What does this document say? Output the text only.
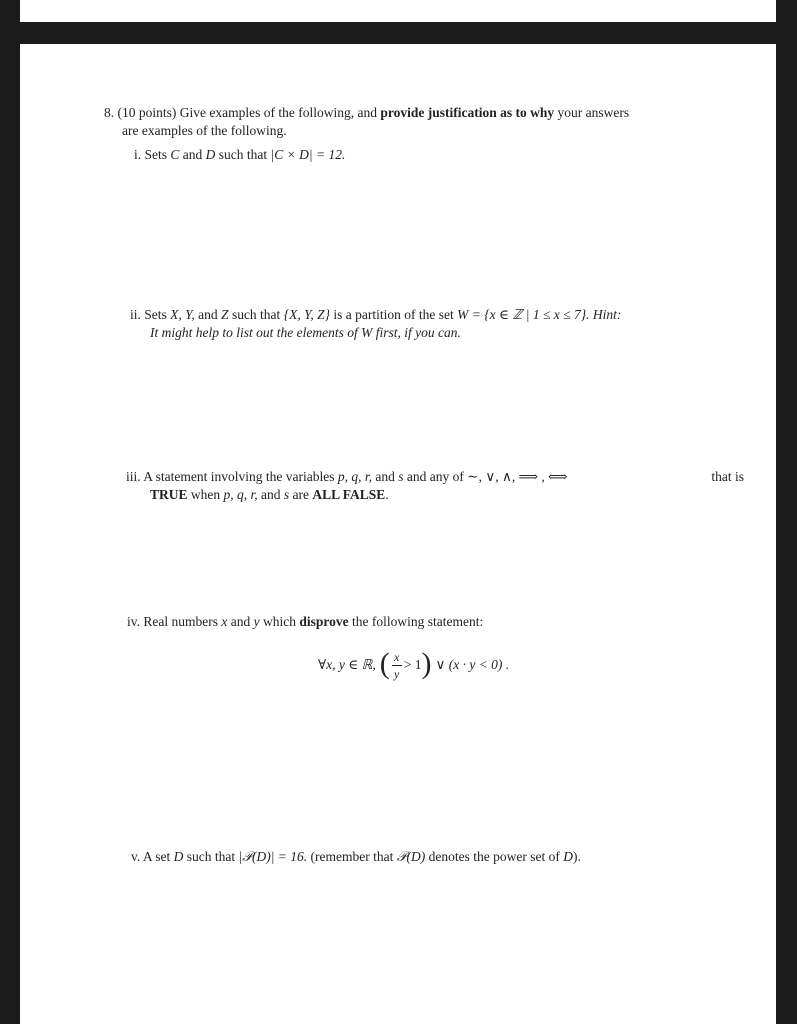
8. (10 points) Give examples of the following, and provide justification as to why your answers
are examples of the following.
i. Sets C and D such that |C × D| = 12.
ii. Sets X, Y, and Z such that {X, Y, Z} is a partition of the set W = {x ∈ ℤ | 1 ≤ x ≤ 7}. Hint:
It might help to list out the elements of W first, if you can.
iii. A statement involving the variables p, q, r, and s and any of ∼, ∨, ∧, ⟹ , ⟺	that is
TRUE when p, q, r, and s are ALL FALSE.
iv. Real numbers x and y which disprove the following statement:
∀x, y ∈ ℝ, ( $\frac{x}{y} > 1$ ) ∨ (x · y < 0) .
v. A set D such that |𝒫(D)| = 16. (remember that 𝒫(D) denotes the power set of D).
